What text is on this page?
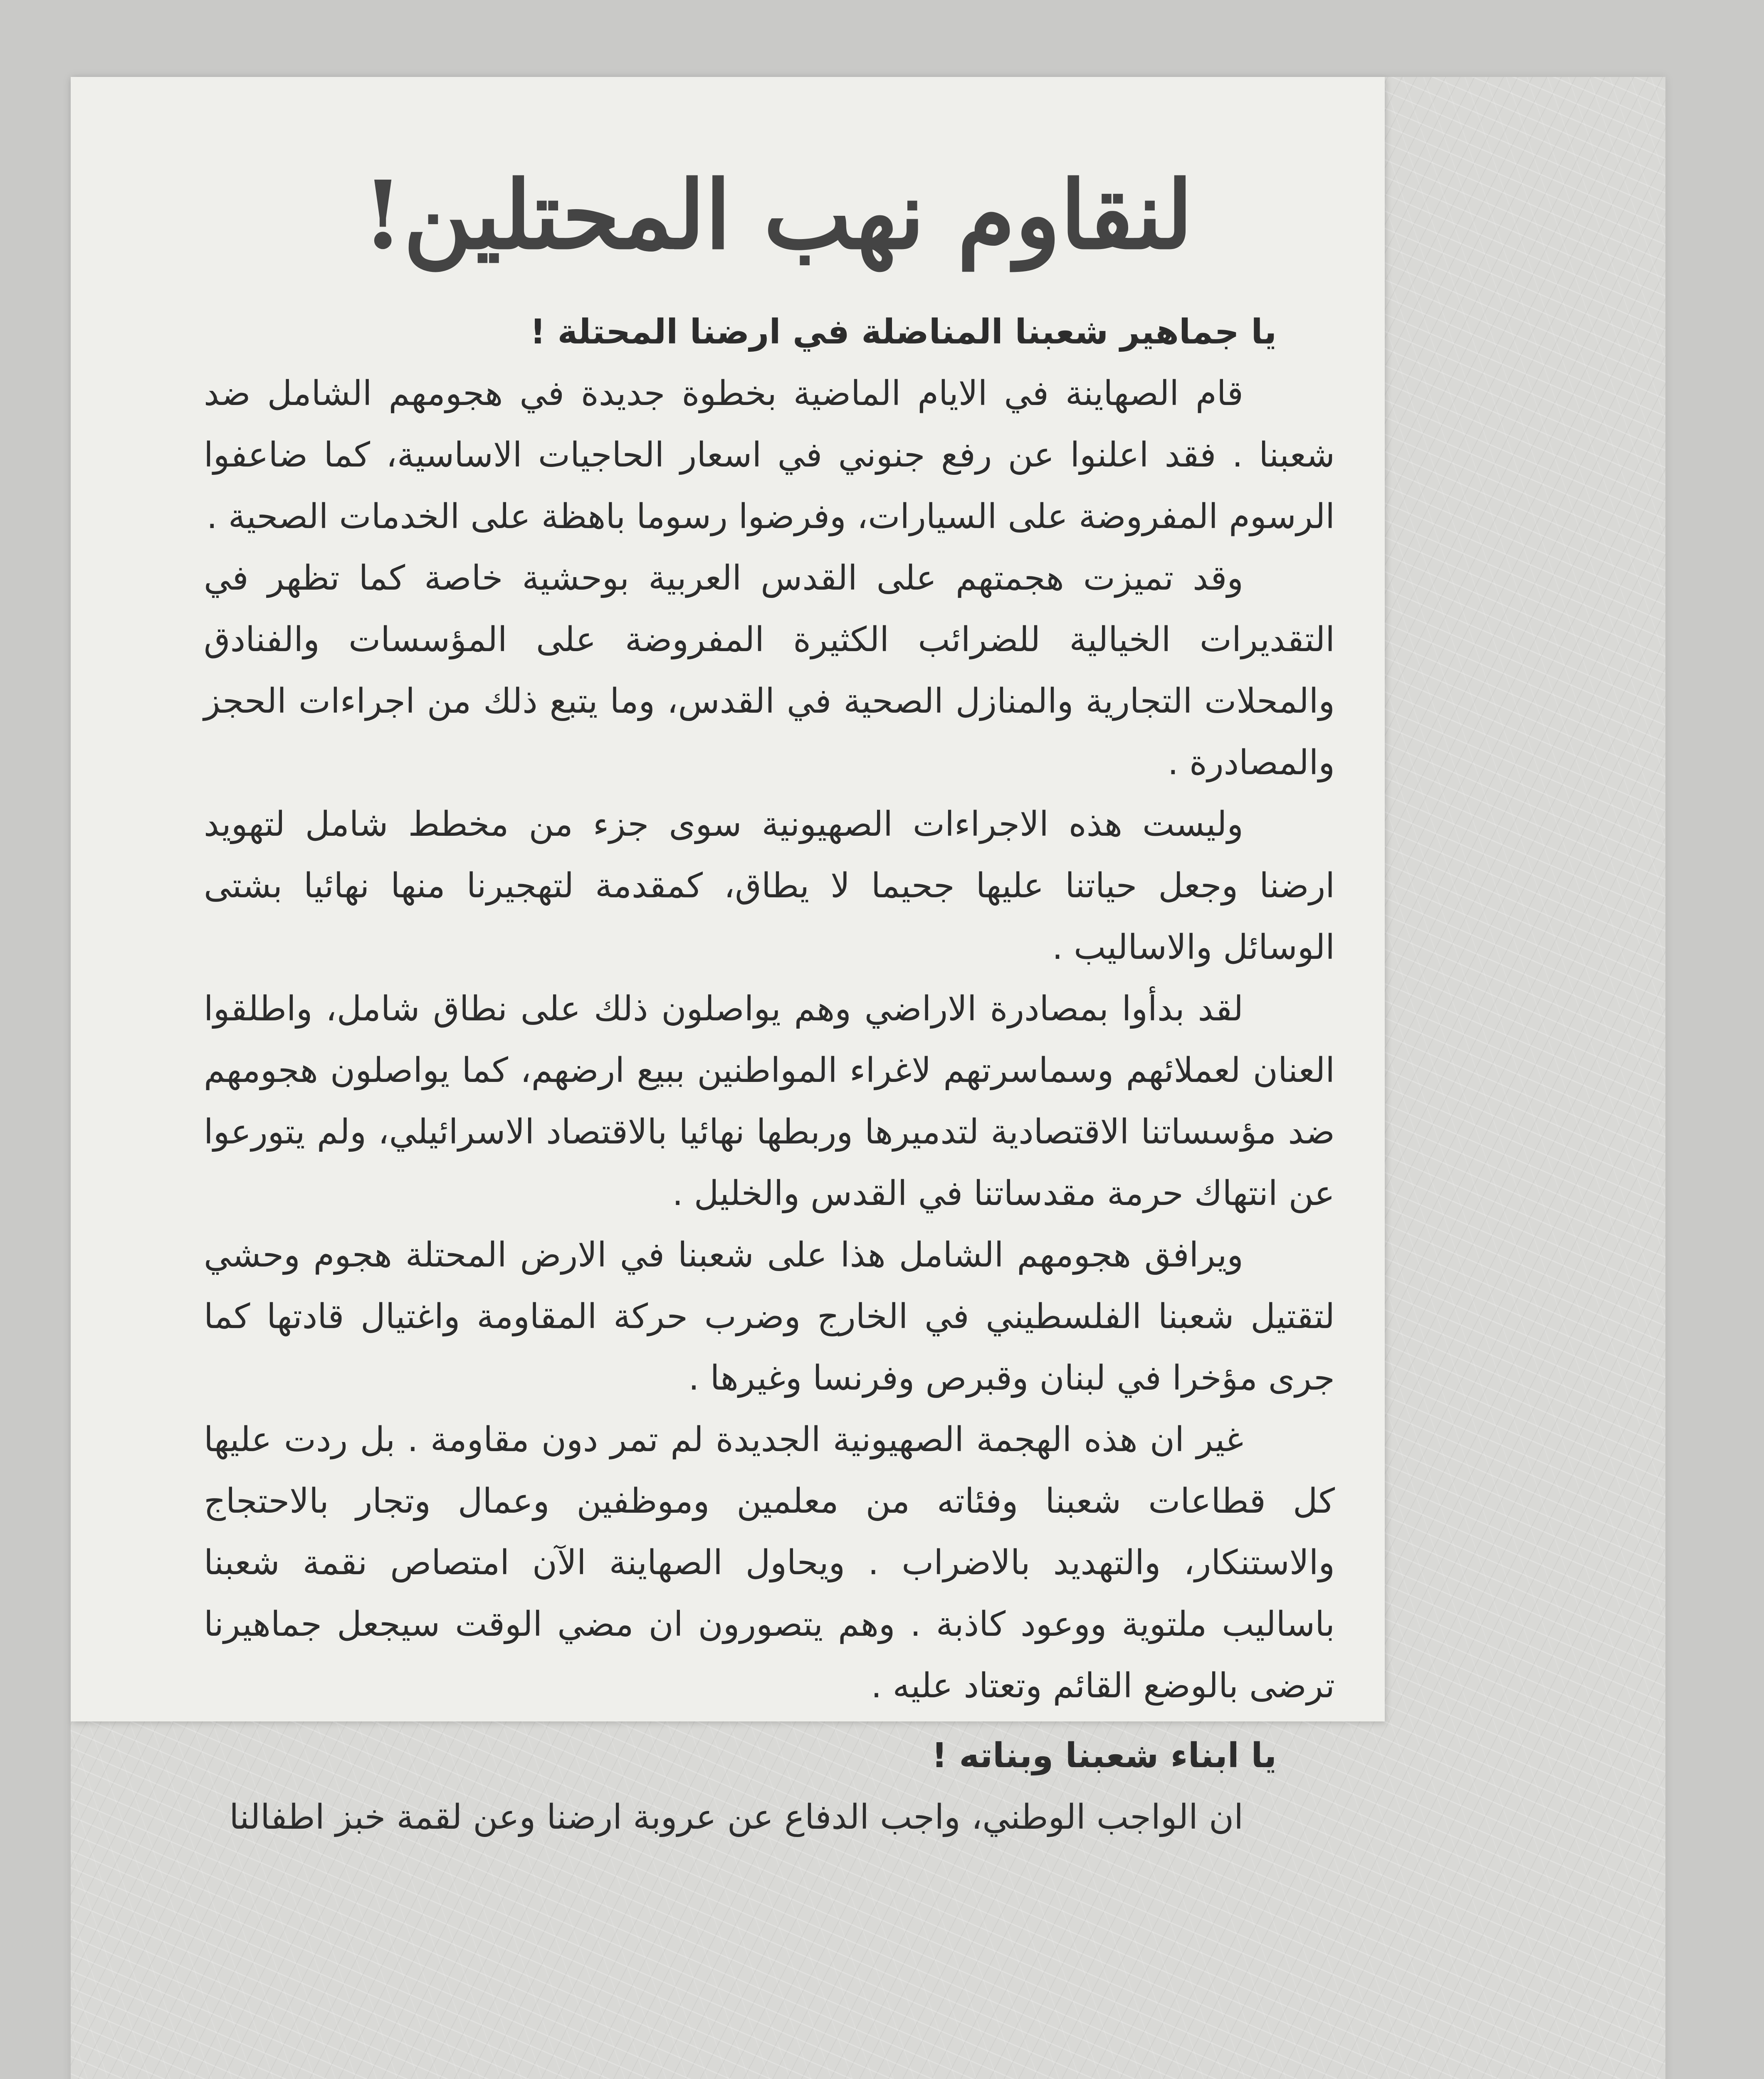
لنقاوم نهب المحتلين!

يا جماهير شعبنا المناضلة في ارضنا المحتلة !

قام الصهاينة في الايام الماضية بخطوة جديدة في هجومهم الشامل ضد شعبنا . فقد اعلنوا عن رفع جنوني في اسعار الحاجيات الاساسية، كما ضاعفوا الرسوم المفروضة على السيارات، وفرضوا رسوما باهظة على الخدمات الصحية .

وقد تميزت هجمتهم على القدس العربية بوحشية خاصة كما تظهر في التقديرات الخيالية للضرائب الكثيرة المفروضة على المؤسسات والفنادق والمحلات التجارية والمنازل الصحية في القدس، وما يتبع ذلك من اجراءات الحجز والمصادرة .

وليست هذه الاجراءات الصهيونية سوى جزء من مخطط شامل لتهويد ارضنا وجعل حياتنا عليها جحيما لا يطاق، كمقدمة لتهجيرنا منها نهائيا بشتى الوسائل والاساليب .

لقد بدأوا بمصادرة الاراضي وهم يواصلون ذلك على نطاق شامل، واطلقوا العنان لعملائهم وسماسرتهم لاغراء المواطنين ببيع ارضهم، كما يواصلون هجومهم ضد مؤسساتنا الاقتصادية لتدميرها وربطها نهائيا بالاقتصاد الاسرائيلي، ولم يتورعوا عن انتهاك حرمة مقدساتنا في القدس والخليل .

ويرافق هجومهم الشامل هذا على شعبنا في الارض المحتلة هجوم وحشي لتقتيل شعبنا الفلسطيني في الخارج وضرب حركة المقاومة واغتيال قادتها كما جرى مؤخرا في لبنان وقبرص وفرنسا وغيرها .

غير ان هذه الهجمة الصهيونية الجديدة لم تمر دون مقاومة . بل ردت عليها كل قطاعات شعبنا وفئاته من معلمين وموظفين وعمال وتجار بالاحتجاج والاستنكار، والتهديد بالاضراب . ويحاول الصهاينة الآن امتصاص نقمة شعبنا باساليب ملتوية ووعود كاذبة . وهم يتصورون ان مضي الوقت سيجعل جماهيرنا ترضى بالوضع القائم وتعتاد عليه .

يا ابناء شعبنا وبناته !

ان الواجب الوطني، واجب الدفاع عن عروبة ارضنا وعن لقمة خبز اطفالنا
